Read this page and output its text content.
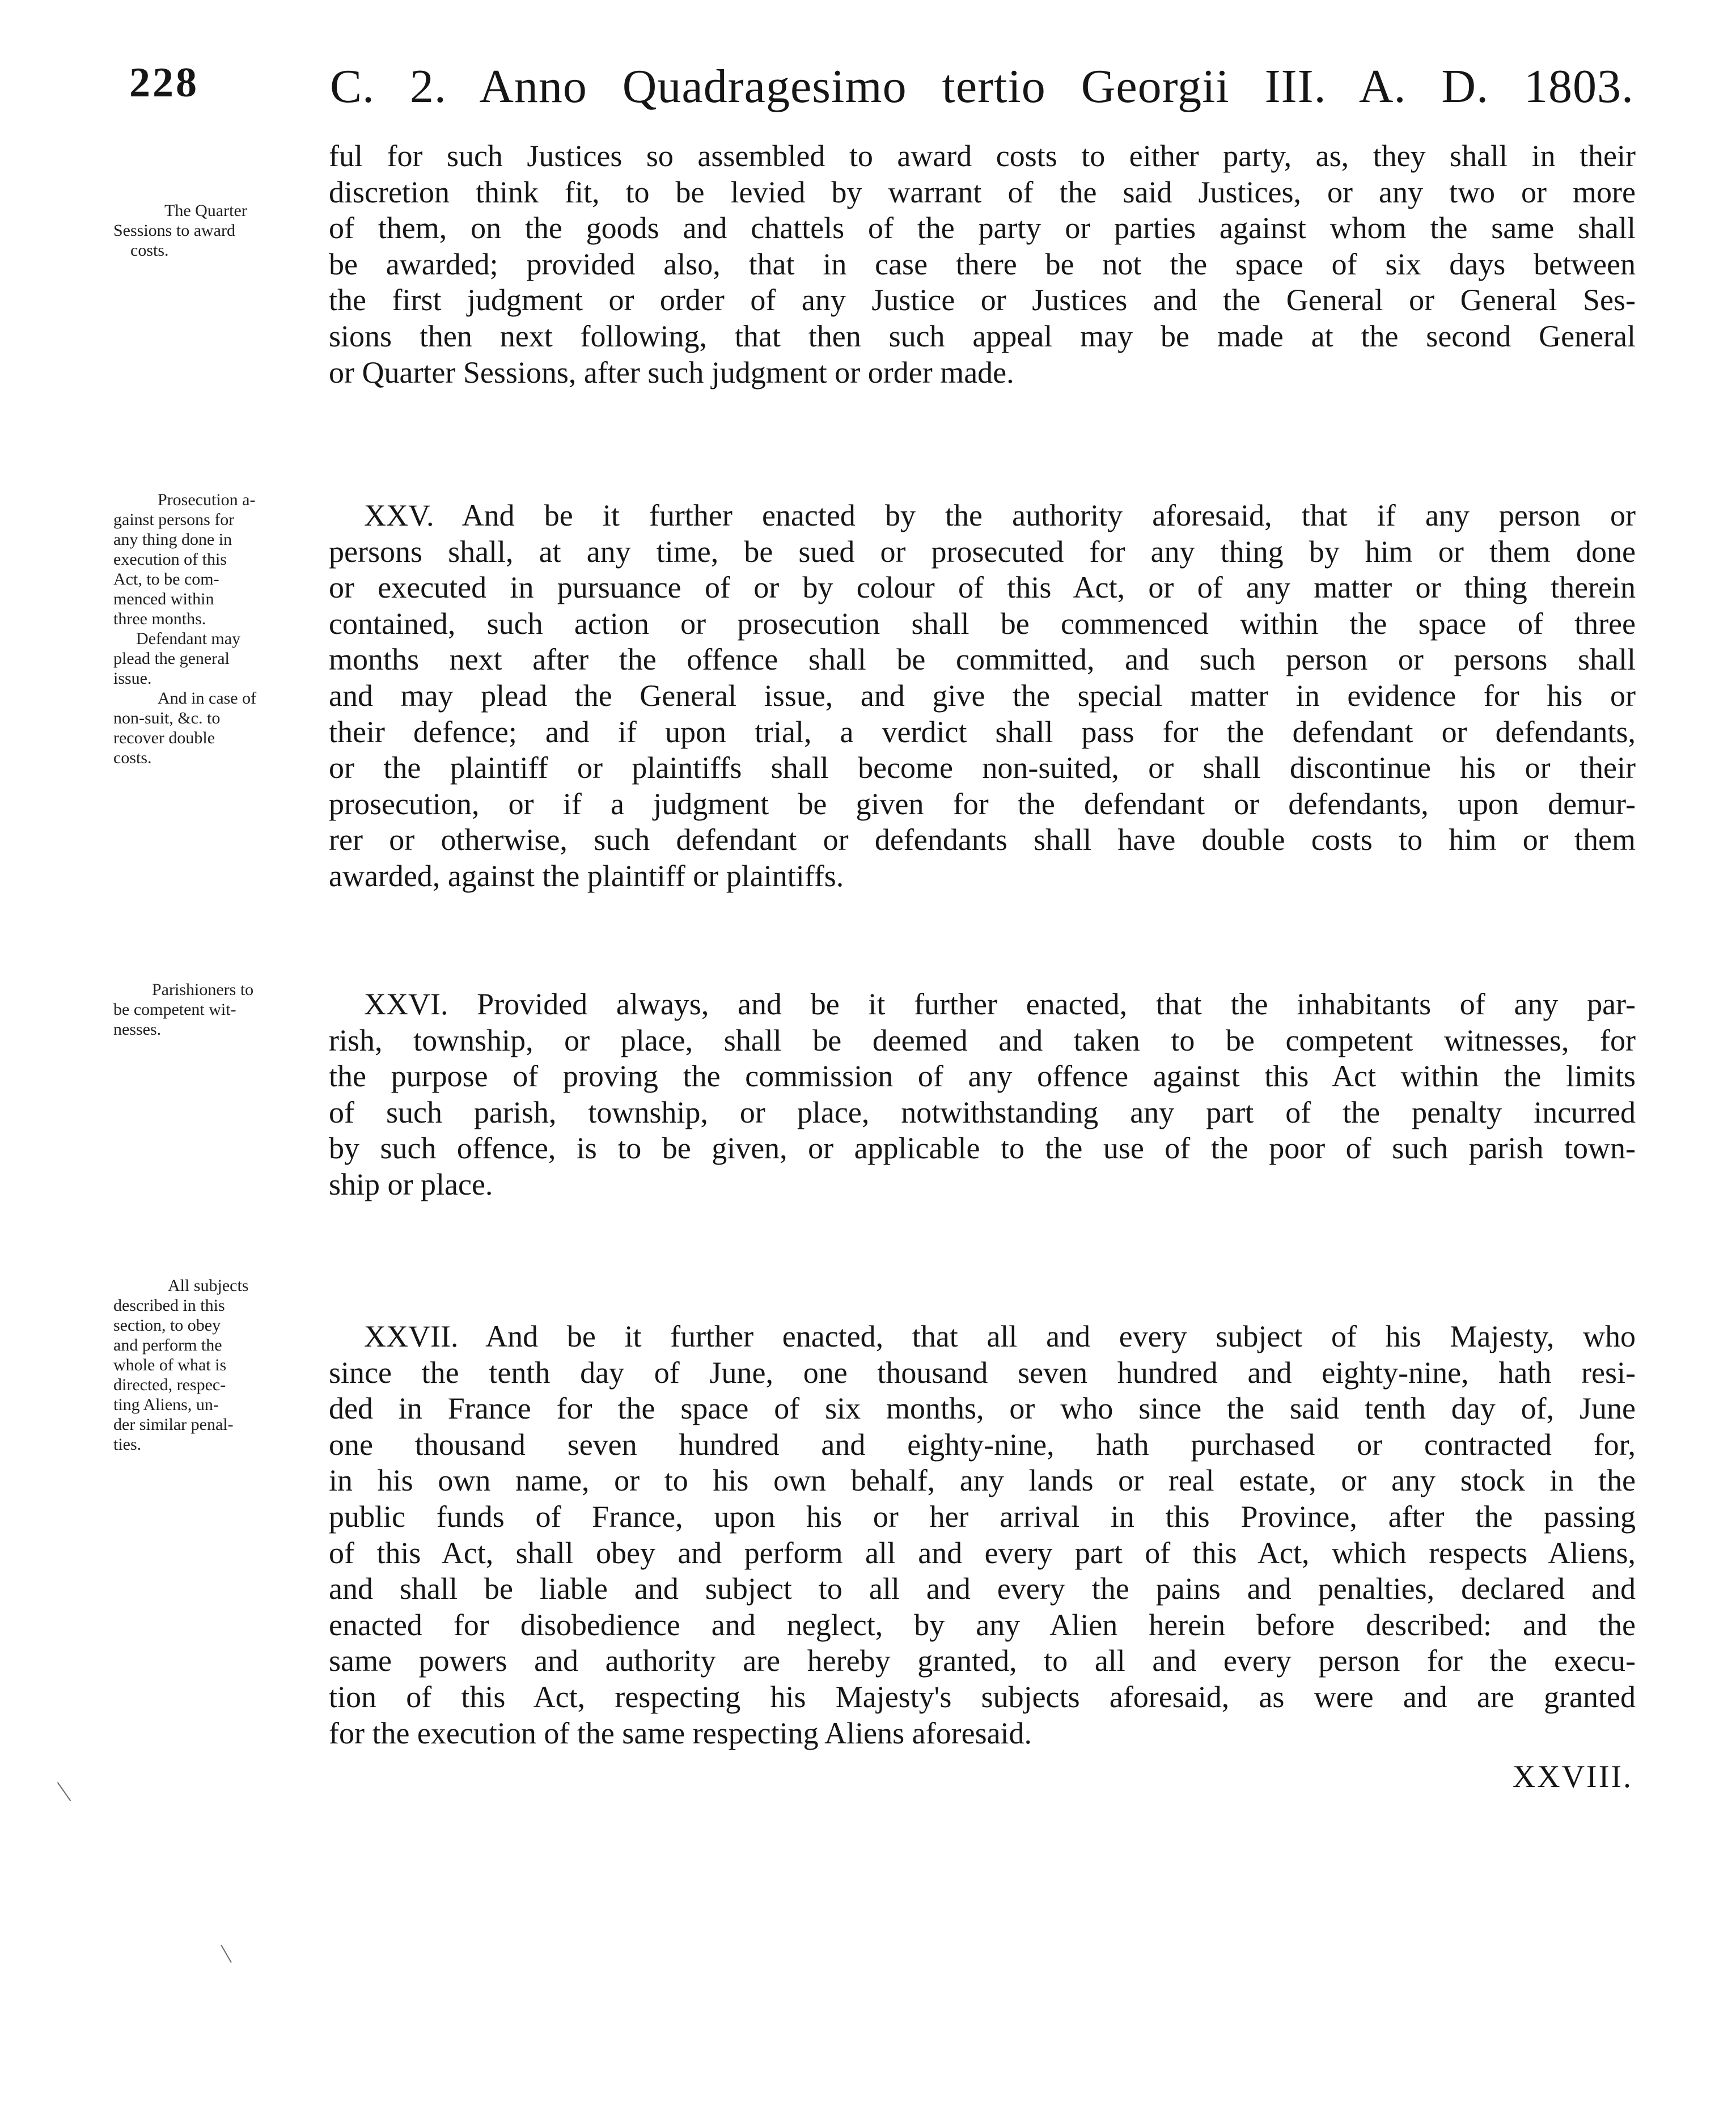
228	C. 2. Anno Quadragesimo tertio Georgii III. A. D. 1803.
The Quarter
Sessions to award
costs.
Prosecution a-
gainst persons for
any thing done in
execution of this
Act, to be com-
menced within
three months.
Defendant may
plead the general
issue.
And in case of
non-suit, &c. to
recover double
costs.
Parishioners to
be competent wit-
nesses.
All subjects
described in this
section, to obey
and perform the
whole of what is
directed, respec-
ting Aliens, un-
der similar penal-
ties.
ful for such Justices so assembled to award costs to either party, as, they shall in their
discretion think fit, to be levied by warrant of the said Justices, or any two or more
of them, on the goods and chattels of the party or parties against whom the same shall
be awarded; provided also, that in case there be not the space of six days between
the first judgment or order of any Justice or Justices and the General or General Ses-
sions then next following, that then such appeal may be made at the second General
or Quarter Sessions, after such judgment or order made.
XXV. And be it further enacted by the authority aforesaid, that if any person or
persons shall, at any time, be sued or prosecuted for any thing by him or them done
or executed in pursuance of or by colour of this Act, or of any matter or thing therein
contained, such action or prosecution shall be commenced within the space of three
months next after the offence shall be committed, and such person or persons shall
and may plead the General issue, and give the special matter in evidence for his or
their defence; and if upon trial, a verdict shall pass for the defendant or defendants,
or the plaintiff or plaintiffs shall become non-suited, or shall discontinue his or their
prosecution, or if a judgment be given for the defendant or defendants, upon demur-
rer or otherwise, such defendant or defendants shall have double costs to him or them
awarded, against the plaintiff or plaintiffs.
XXVI. Provided always, and be it further enacted, that the inhabitants of any par-
rish, township, or place, shall be deemed and taken to be competent witnesses, for
the purpose of proving the commission of any offence against this Act within the limits
of such parish, township, or place, notwithstanding any part of the penalty incurred
by such offence, is to be given, or applicable to the use of the poor of such parish town-
ship or place.
XXVII. And be it further enacted, that all and every subject of his Majesty, who
since the tenth day of June, one thousand seven hundred and eighty-nine, hath resi-
ded in France for the space of six months, or who since the said tenth day of, June
one thousand seven hundred and eighty-nine, hath purchased or contracted for,
in his own name, or to his own behalf, any lands or real estate, or any stock in the
public funds of France, upon his or her arrival in this Province, after the passing
of this Act, shall obey and perform all and every part of this Act, which respects Aliens,
and shall be liable and subject to all and every the pains and penalties, declared and
enacted for disobedience and neglect, by any Alien herein before described: and the
same powers and authority are hereby granted, to all and every person for the execu-
tion of this Act, respecting his Majesty's subjects aforesaid, as were and are granted
for the execution of the same respecting Aliens aforesaid.
XXVIII.
